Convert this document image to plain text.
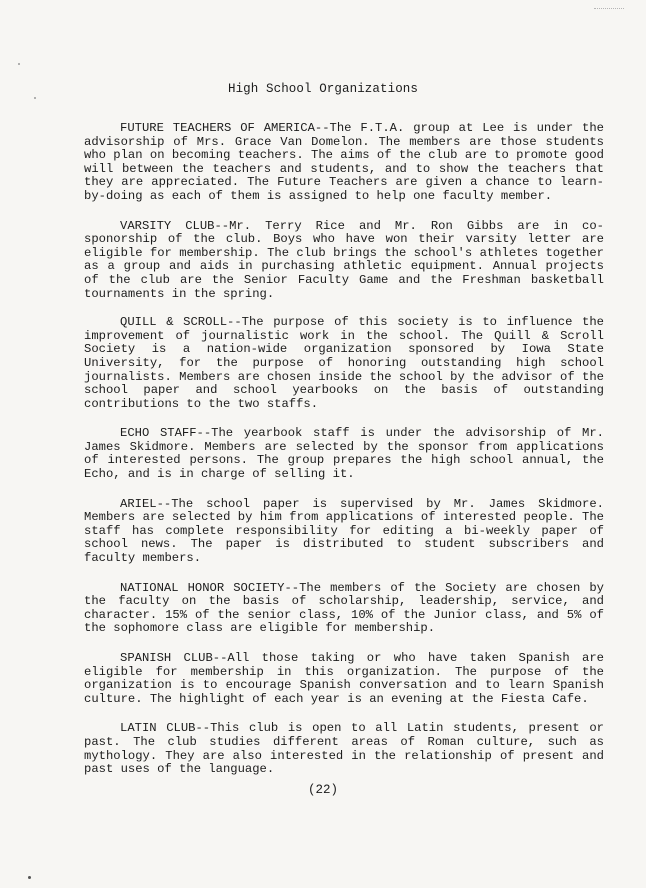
High School Organizations

FUTURE TEACHERS OF AMERICA--The F.T.A. group at Lee is under the advisorship of Mrs. Grace Van Domelon. The members are those students who plan on becoming teachers. The aims of the club are to promote good will between the teachers and students, and to show the teachers that they are appreciated. The Future Teachers are given a chance to learn-by-doing as each of them is assigned to help one faculty member.

VARSITY CLUB--Mr. Terry Rice and Mr. Ron Gibbs are in co-sponorship of the club. Boys who have won their varsity letter are eligible for membership. The club brings the school's athletes together as a group and aids in purchasing athletic equipment. Annual projects of the club are the Senior Faculty Game and the Freshman basketball tournaments in the spring.

QUILL & SCROLL--The purpose of this society is to influence the improvement of journalistic work in the school. The Quill & Scroll Society is a nation-wide organization sponsored by Iowa State University, for the purpose of honoring outstanding high school journalists. Members are chosen inside the school by the advisor of the school paper and school yearbooks on the basis of outstanding contributions to the two staffs.

ECHO STAFF--The yearbook staff is under the advisorship of Mr. James Skidmore. Members are selected by the sponsor from applications of interested persons. The group prepares the high school annual, the Echo, and is in charge of selling it.

ARIEL--The school paper is supervised by Mr. James Skidmore. Members are selected by him from applications of interested people. The staff has complete responsibility for editing a bi-weekly paper of school news. The paper is distributed to student subscribers and faculty members.

NATIONAL HONOR SOCIETY--The members of the Society are chosen by the faculty on the basis of scholarship, leadership, service, and character. 15% of the senior class, 10% of the Junior class, and 5% of the sophomore class are eligible for membership.

SPANISH CLUB--All those taking or who have taken Spanish are eligible for membership in this organization. The purpose of the organization is to encourage Spanish conversation and to learn Spanish culture. The highlight of each year is an evening at the Fiesta Cafe.

LATIN CLUB--This club is open to all Latin students, present or past. The club studies different areas of Roman culture, such as mythology. They are also interested in the relationship of present and past uses of the language.

(22)
